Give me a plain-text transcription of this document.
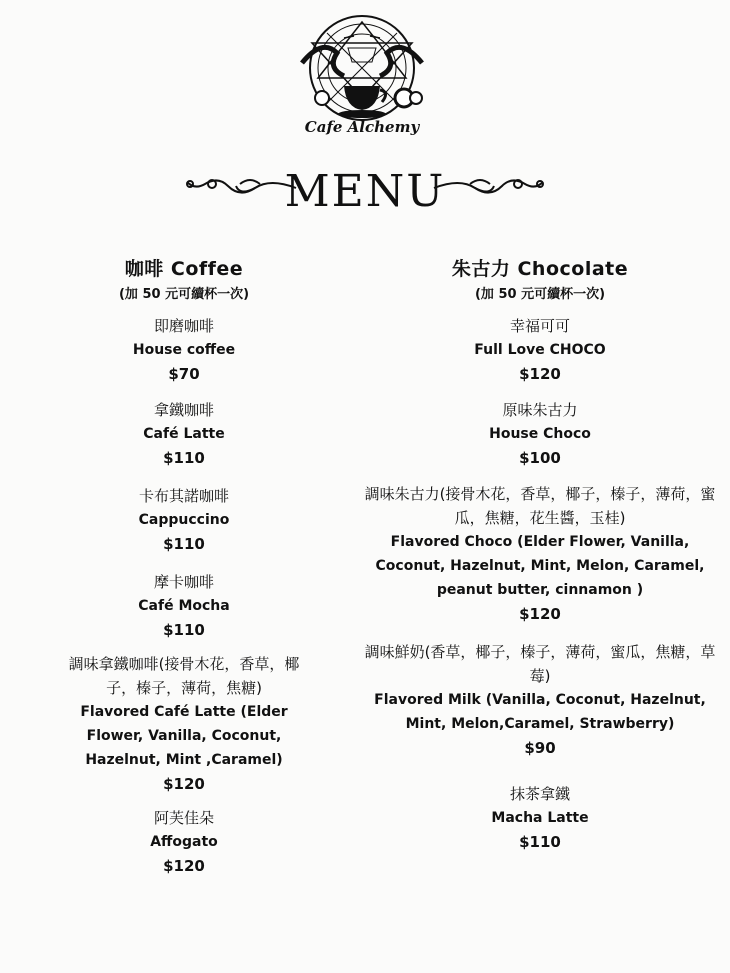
Cafe Alchemy
MENU

咖啡 Coffee

(加 50 元可續杯一次)

即磨咖啡
House coffee
$70
拿鐵咖啡
Café Latte
$110
卡布其諾咖啡
Cappuccino
$110
摩卡咖啡
Café Mocha
$110
調味拿鐵咖啡(接骨木花，香草，椰子，榛子，薄荷，焦糖)
Flavored Café Latte (Elder Flower, Vanilla, Coconut, Hazelnut, Mint ,Caramel)
$120
阿芙佳朵
Affogato
$120

朱古力 Chocolate

(加 50 元可續杯一次)

幸福可可
Full Love CHOCO
$120
原味朱古力
House Choco
$100
調味朱古力(接骨木花，香草，椰子，榛子，薄荷，蜜瓜，焦糖，花生醬，玉桂)
Flavored Choco (Elder Flower, Vanilla, Coconut, Hazelnut, Mint, Melon, Caramel, peanut butter, cinnamon )
$120
調味鮮奶(香草，椰子，榛子，薄荷，蜜瓜，焦糖，草莓)
Flavored Milk (Vanilla, Coconut, Hazelnut, Mint, Melon,Caramel, Strawberry)
$90
抹茶拿鐵
Macha Latte
$110
